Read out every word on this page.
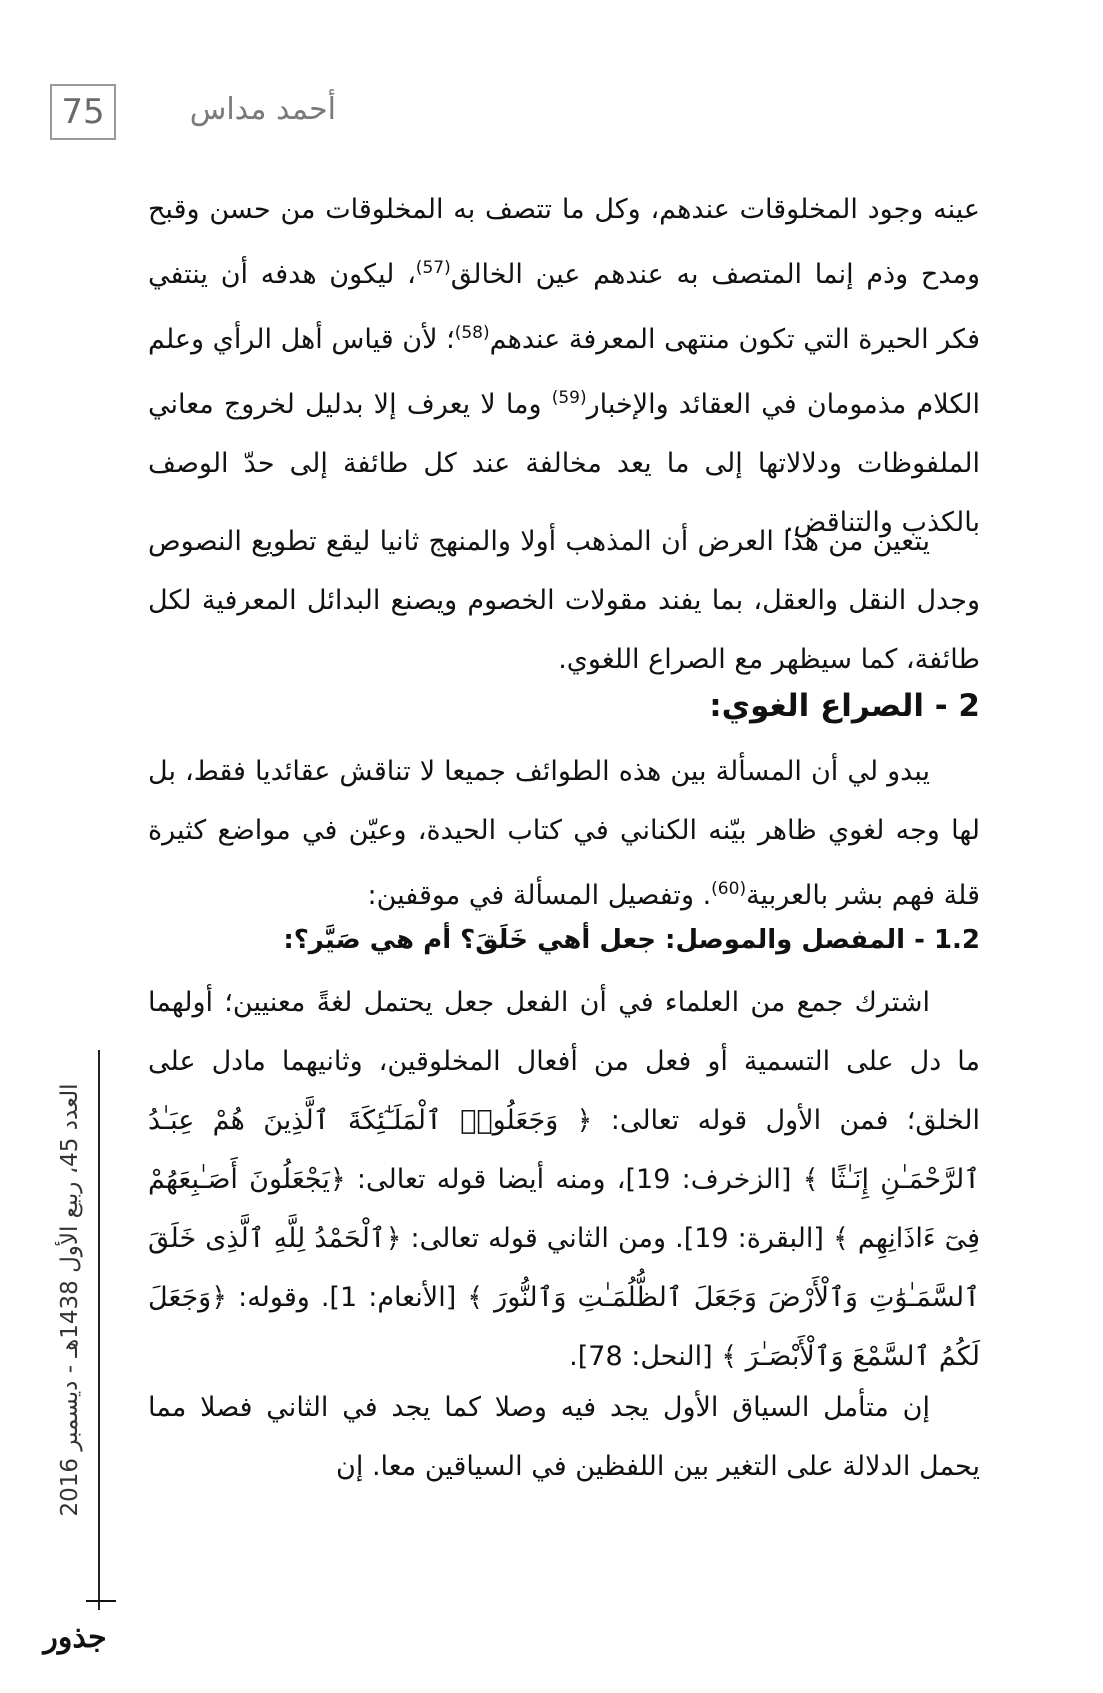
75	أحمد مداس

عينه وجود المخلوقات عندهم، وكل ما تتصف به المخلوقات من حسن وقبح ومدح وذم إنما المتصف به عندهم عين الخالق$^{(57)}$، ليكون هدفه أن ينتفي فكر الحيرة التي تكون منتهى المعرفة عندهم$^{(58)}$؛ لأن قياس أهل الرأي وعلم الكلام مذمومان في العقائد والإخبار$^{(59)}$ وما لا يعرف إلا بدليل لخروج معاني الملفوظات ودلالاتها إلى ما يعد مخالفة عند كل طائفة إلى حدّ الوصف بالكذب والتناقض.

يتعين من هذا العرض أن المذهب أولا والمنهج ثانيا ليقع تطويع النصوص وجدل النقل والعقل، بما يفند مقولات الخصوم ويصنع البدائل المعرفية لكل طائفة، كما سيظهر مع الصراع اللغوي.

2 - الصراع الغوي:

يبدو لي أن المسألة بين هذه الطوائف جميعا لا تناقش عقائديا فقط، بل لها وجه لغوي ظاهر بيّنه الكناني في كتاب الحيدة، وعيّن في مواضع كثيرة قلة فهم بشر بالعربية$^{(60)}$. وتفصيل المسألة في موقفين:

1.2 - المفصل والموصل: جعل أهي خَلَقَ؟ أم هي صَيَّر؟:

اشترك جمع من العلماء في أن الفعل جعل يحتمل لغةً معنيين؛ أولهما ما دل على التسمية أو فعل من أفعال المخلوقين، وثانيهما مادل على الخلق؛ فمن الأول قوله تعالى: ﴿ وَجَعَلُوا۟ ٱلْمَلَـٰٓئِكَةَ ٱلَّذِينَ هُمْ عِبَـٰدُ ٱلرَّحْمَـٰنِ إِنَـٰثًا ﴾ [الزخرف: 19]، ومنه أيضا قوله تعالى: ﴿يَجْعَلُونَ أَصَـٰبِعَهُمْ فِىٓ ءَاذَانِهِم ﴾ [البقرة: 19]. ومن الثاني قوله تعالى: ﴿ٱلْحَمْدُ لِلَّهِ ٱلَّذِى خَلَقَ ٱلسَّمَـٰوَٰتِ وَٱلْأَرْضَ وَجَعَلَ ٱلظُّلُمَـٰتِ وَٱلنُّورَ ﴾ [الأنعام: 1]. وقوله: ﴿وَجَعَلَ لَكُمُ ٱلسَّمْعَ وَٱلْأَبْصَـٰرَ ﴾ [النحل: 78].

إن متأمل السياق الأول يجد فيه وصلا كما يجد في الثاني فصلا مما يحمل الدلالة على التغير بين اللفظين في السياقين معا. إن

العدد 45، ربيع الأول 1438هـ - ديسمبر 2016
جذور
